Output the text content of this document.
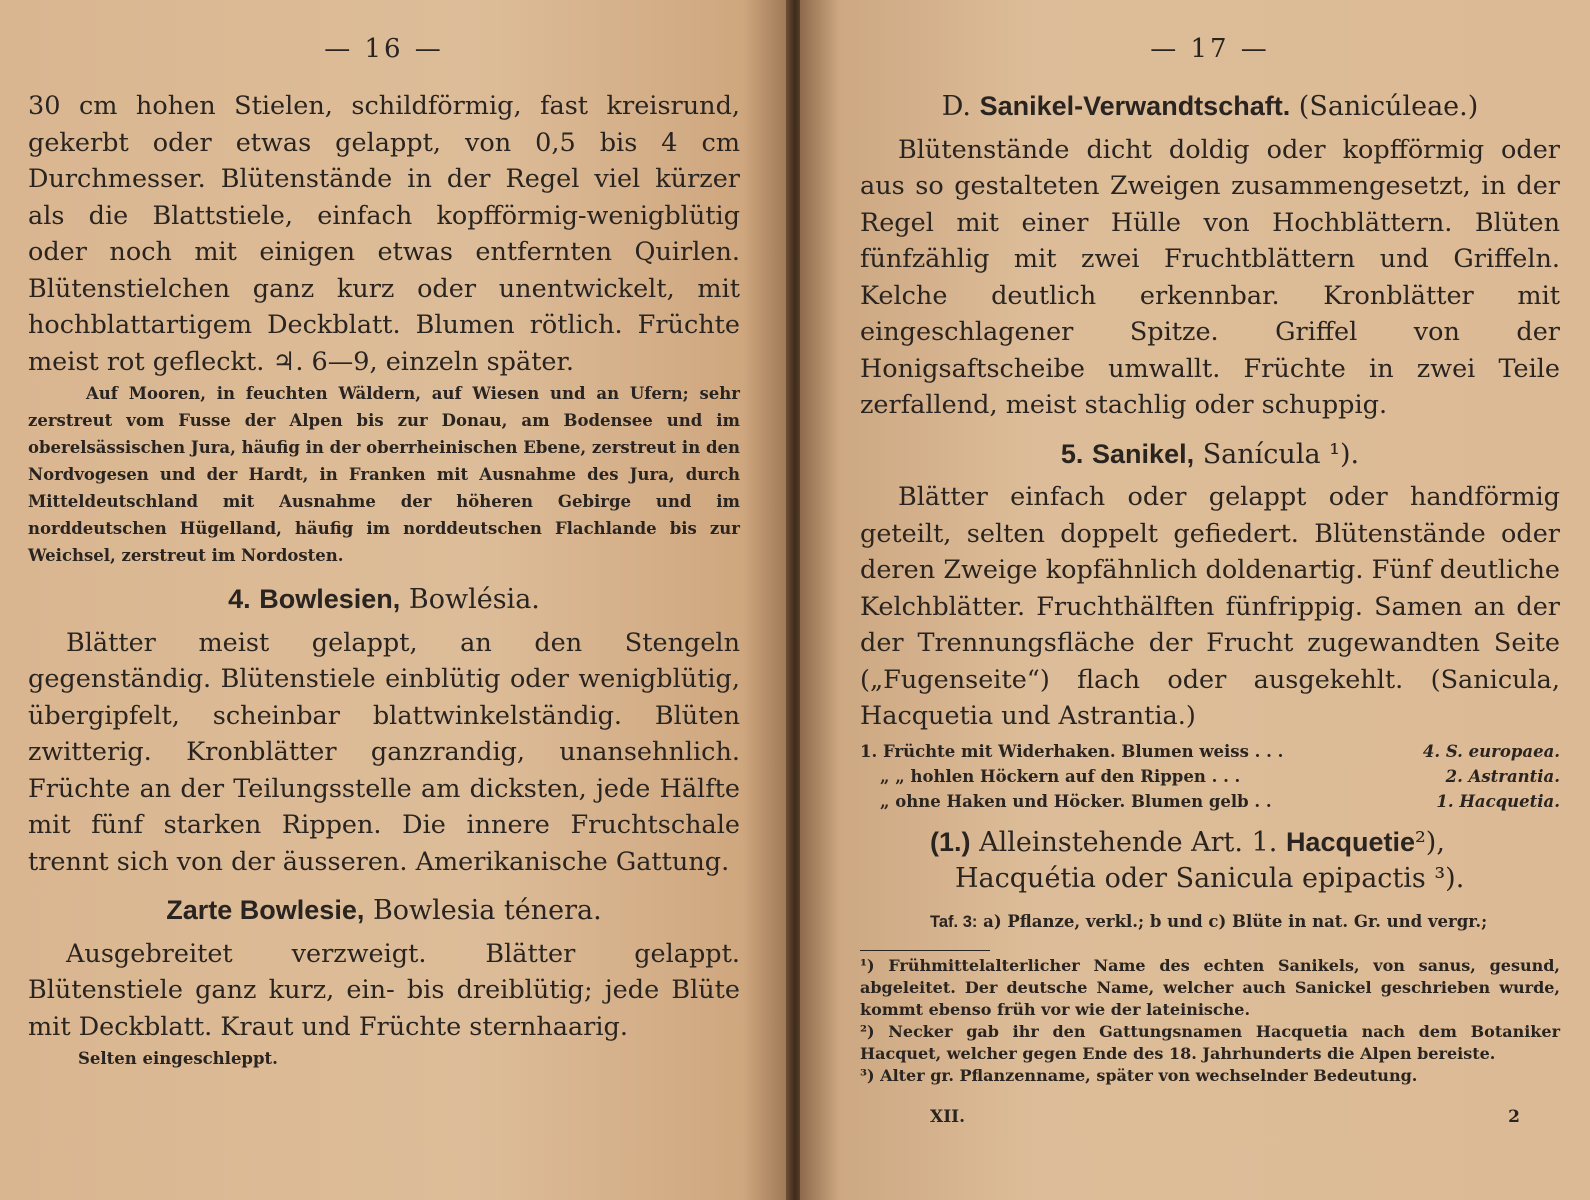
— 16 —

30 cm hohen Stielen, schildförmig, fast kreisrund, gekerbt oder etwas gelappt, von 0,5 bis 4 cm Durchmesser. Blütenstände in der Regel viel kürzer als die Blattstiele, einfach kopfförmig-wenigblütig oder noch mit einigen etwas entfernten Quirlen. Blütenstielchen ganz kurz oder unentwickelt, mit hochblattartigem Deckblatt. Blumen rötlich. Früchte meist rot gefleckt. ♃. 6—9, einzeln später.

Auf Mooren, in feuchten Wäldern, auf Wiesen und an Ufern; sehr zerstreut vom Fusse der Alpen bis zur Donau, am Bodensee und im oberelsässischen Jura, häufig in der oberrheinischen Ebene, zerstreut in den Nordvogesen und der Hardt, in Franken mit Ausnahme des Jura, durch Mitteldeutschland mit Ausnahme der höheren Gebirge und im norddeutschen Hügelland, häufig im norddeutschen Flachlande bis zur Weichsel, zerstreut im Nordosten.

4. Bowlesien, Bowlésia.

Blätter meist gelappt, an den Stengeln gegenständig. Blütenstiele einblütig oder wenigblütig, übergipfelt, scheinbar blattwinkelständig. Blüten zwitterig. Kronblätter ganzrandig, unansehnlich. Früchte an der Teilungsstelle am dicksten, jede Hälfte mit fünf starken Rippen. Die innere Fruchtschale trennt sich von der äusseren. Amerikanische Gattung.

Zarte Bowlesie, Bowlesia ténera.

Ausgebreitet verzweigt. Blätter gelappt. Blütenstiele ganz kurz, ein- bis dreiblütig; jede Blüte mit Deckblatt. Kraut und Früchte sternhaarig.

Selten eingeschleppt.

— 17 —
D. Sanikel-Verwandtschaft. (Sanicúleae.)

Blütenstände dicht doldig oder kopfförmig oder aus so gestalteten Zweigen zusammengesetzt, in der Regel mit einer Hülle von Hochblättern. Blüten fünfzählig mit zwei Fruchtblättern und Griffeln. Kelche deutlich erkennbar. Kronblätter mit eingeschlagener Spitze. Griffel von der Honigsaftscheibe umwallt. Früchte in zwei Teile zerfallend, meist stachlig oder schuppig.

5. Sanikel, Sanícula ¹).

Blätter einfach oder gelappt oder handförmig geteilt, selten doppelt gefiedert. Blütenstände oder deren Zweige kopfähnlich doldenartig. Fünf deutliche Kelchblätter. Fruchthälften fünfrippig. Samen an der der Trennungsfläche der Frucht zugewandten Seite („Fugenseite“) flach oder ausgekehlt. (Sanicula, Hacquetia und Astrantia.)

1. Früchte mit Widerhaken. Blumen weiss . . .	4. S. europaea.
„ „ hohlen Höckern auf den Rippen . . .	2. Astrantia.
„ ohne Haken und Höcker. Blumen gelb . .	1. Hacquetia.
(1.) Alleinstehende Art. 1. Hacquetie²),
Hacquétia oder Sanicula epipactis ³).
Taf. 3: a) Pflanze, verkl.; b und c) Blüte in nat. Gr. und vergr.;

¹) Frühmittelalterlicher Name des echten Sanikels, von sanus, gesund, abgeleitet. Der deutsche Name, welcher auch Sanickel geschrieben wurde, kommt ebenso früh vor wie der lateinische.

²) Necker gab ihr den Gattungsnamen Hacquetia nach dem Botaniker Hacquet, welcher gegen Ende des 18. Jahrhunderts die Alpen bereiste.

³) Alter gr. Pflanzenname, später von wechselnder Bedeutung.

XII.	2
